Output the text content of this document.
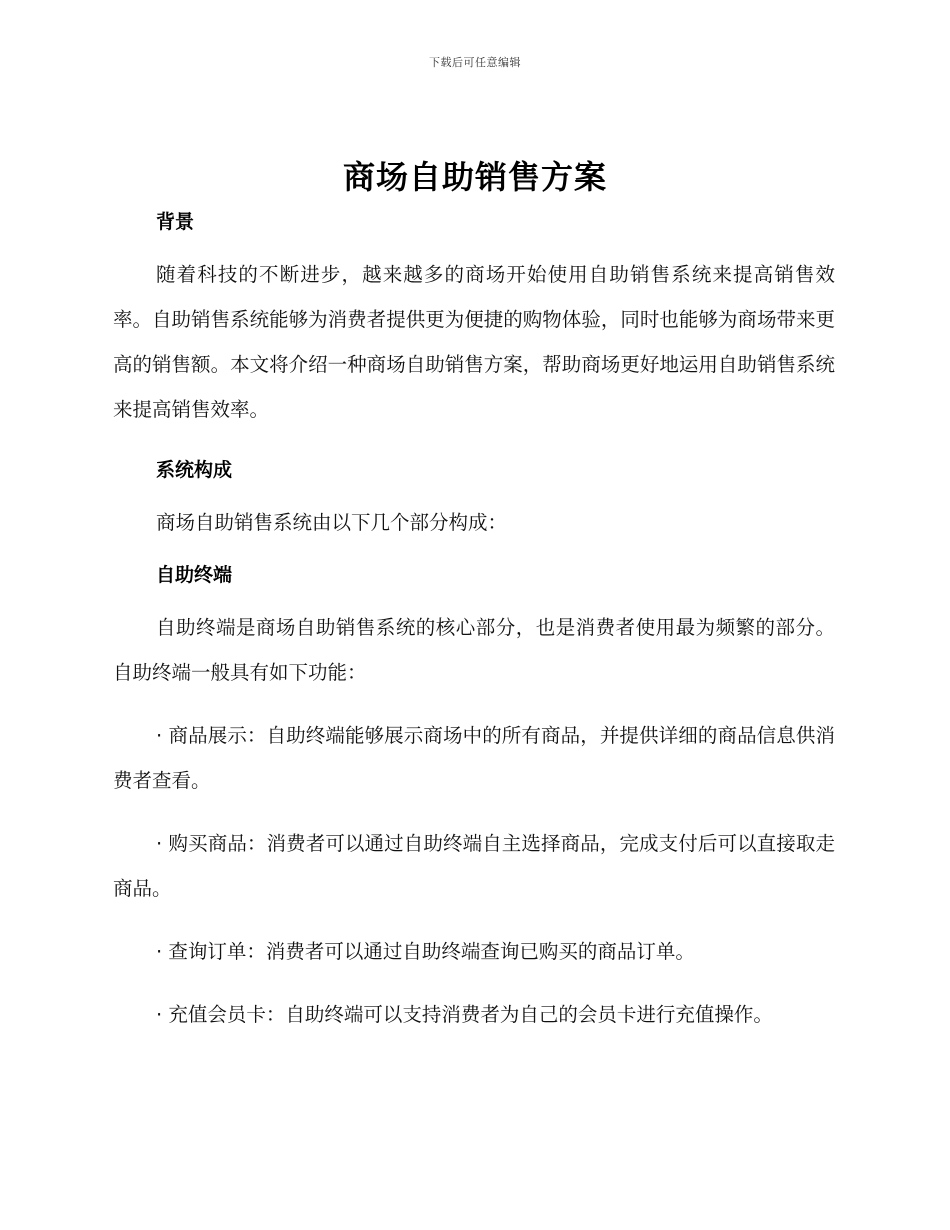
下载后可任意编辑
商场自助销售方案
背景

随着科技的不断进步，越来越多的商场开始使用自助销售系统来提高销售效率。自助销售系统能够为消费者提供更为便捷的购物体验，同时也能够为商场带来更高的销售额。本文将介绍一种商场自助销售方案，帮助商场更好地运用自助销售系统来提高销售效率。

系统构成

商场自助销售系统由以下几个部分构成：

自助终端

自助终端是商场自助销售系统的核心部分，也是消费者使用最为频繁的部分。自助终端一般具有如下功能：

· 商品展示：自助终端能够展示商场中的所有商品，并提供详细的商品信息供消费者查看。

· 购买商品：消费者可以通过自助终端自主选择商品，完成支付后可以直接取走商品。

· 查询订单：消费者可以通过自助终端查询已购买的商品订单。

· 充值会员卡：自助终端可以支持消费者为自己的会员卡进行充值操作。
